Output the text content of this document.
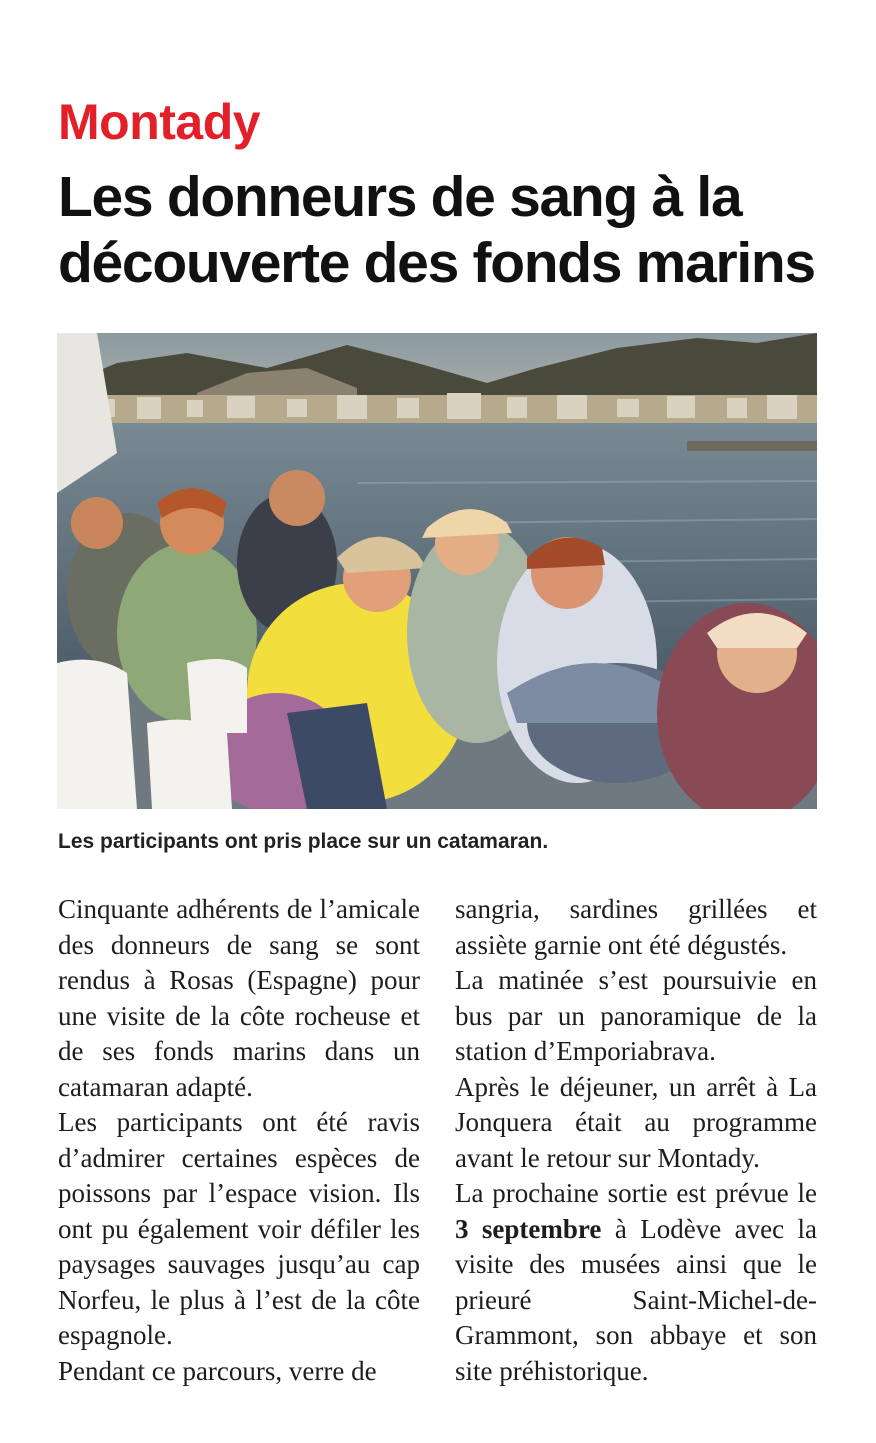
Montady
Les donneurs de sang à la découverte des fonds marins
Les participants ont pris place sur un catamaran.

Cinquante adhérents de l’amicale des donneurs de sang se sont rendus à Rosas (Espagne) pour une visite de la côte rocheuse et de ses fonds marins dans un catamaran adapté.

Les participants ont été ravis d’admirer certaines espèces de poissons par l’espace vision. Ils ont pu également voir défiler les paysages sauvages jusqu’au cap Norfeu, le plus à l’est de la côte espagnole.

Pendant ce parcours, verre de

sangria, sardines grillées et assiète garnie ont été dégustés.

La matinée s’est poursuivie en bus par un panoramique de la station d’Emporiabrava.

Après le déjeuner, un arrêt à La Jonquera était au programme avant le retour sur Montady.

La prochaine sortie est prévue le 3 septembre à Lodève avec la visite des musées ainsi que le prieuré Saint-Michel-de-Grammont, son abbaye et son site préhistorique.
